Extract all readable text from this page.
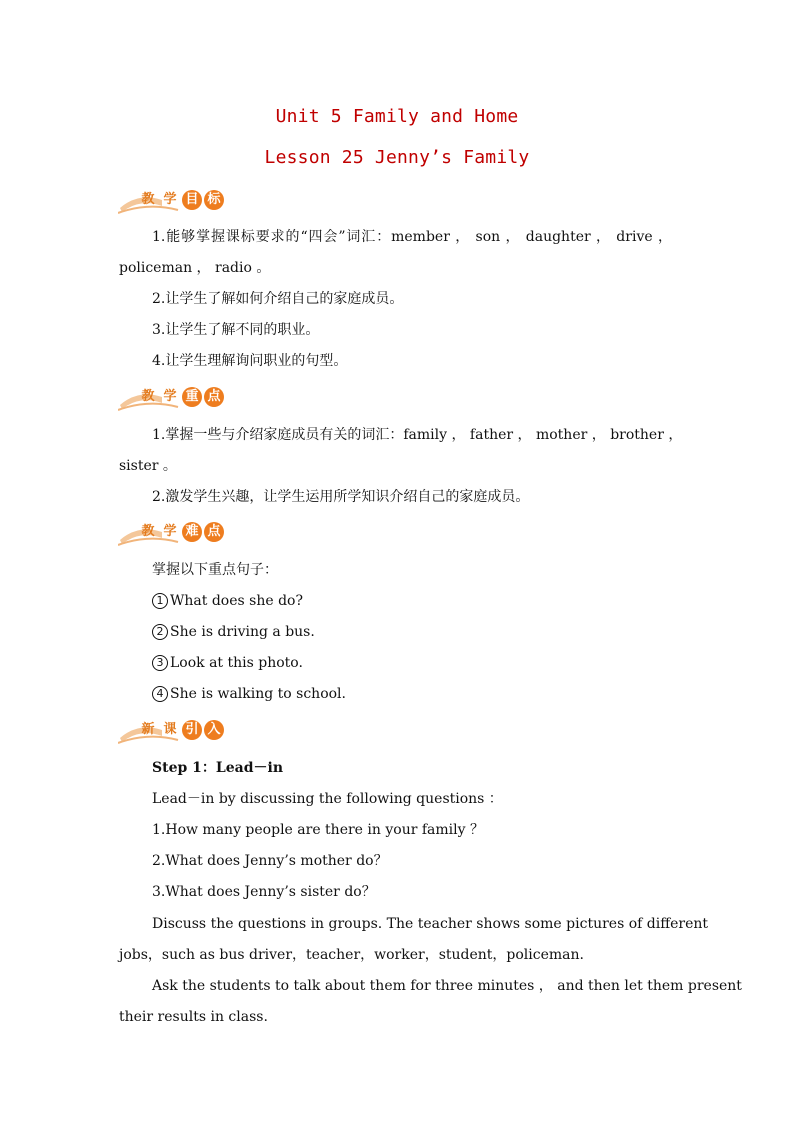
Unit 5 Family and Home
Lesson 25 Jenny’s Family
教 学 目 标
1.能够掌握课标要求的“四会”词汇：member ， son ， daughter ， drive ，
policeman ， radio 。
2.让学生了解如何介绍自己的家庭成员。
3.让学生了解不同的职业。
4.让学生理解询问职业的句型。
教 学 重 点
1.掌握一些与介绍家庭成员有关的词汇：family ， father ， mother ， brother ，
sister 。
2.激发学生兴趣，让学生运用所学知识介绍自己的家庭成员。
教 学 难 点
掌握以下重点句子：
1 What does she do?
2 She is driving a bus.
3 Look at this photo.
4 She is walking to school.
新 课 引 入
Step 1：Lead－in
Lead－in by discussing the following questions ：
1.How many people are there in your family ？
2.What does Jenny’s mother do？
3.What does Jenny’s sister do？
Discuss the questions in groups. The teacher shows some pictures of different
jobs，such as bus driver，teacher，worker，student，policeman.
Ask the students to talk about them for three minutes ， and then let them present
their results in class.
